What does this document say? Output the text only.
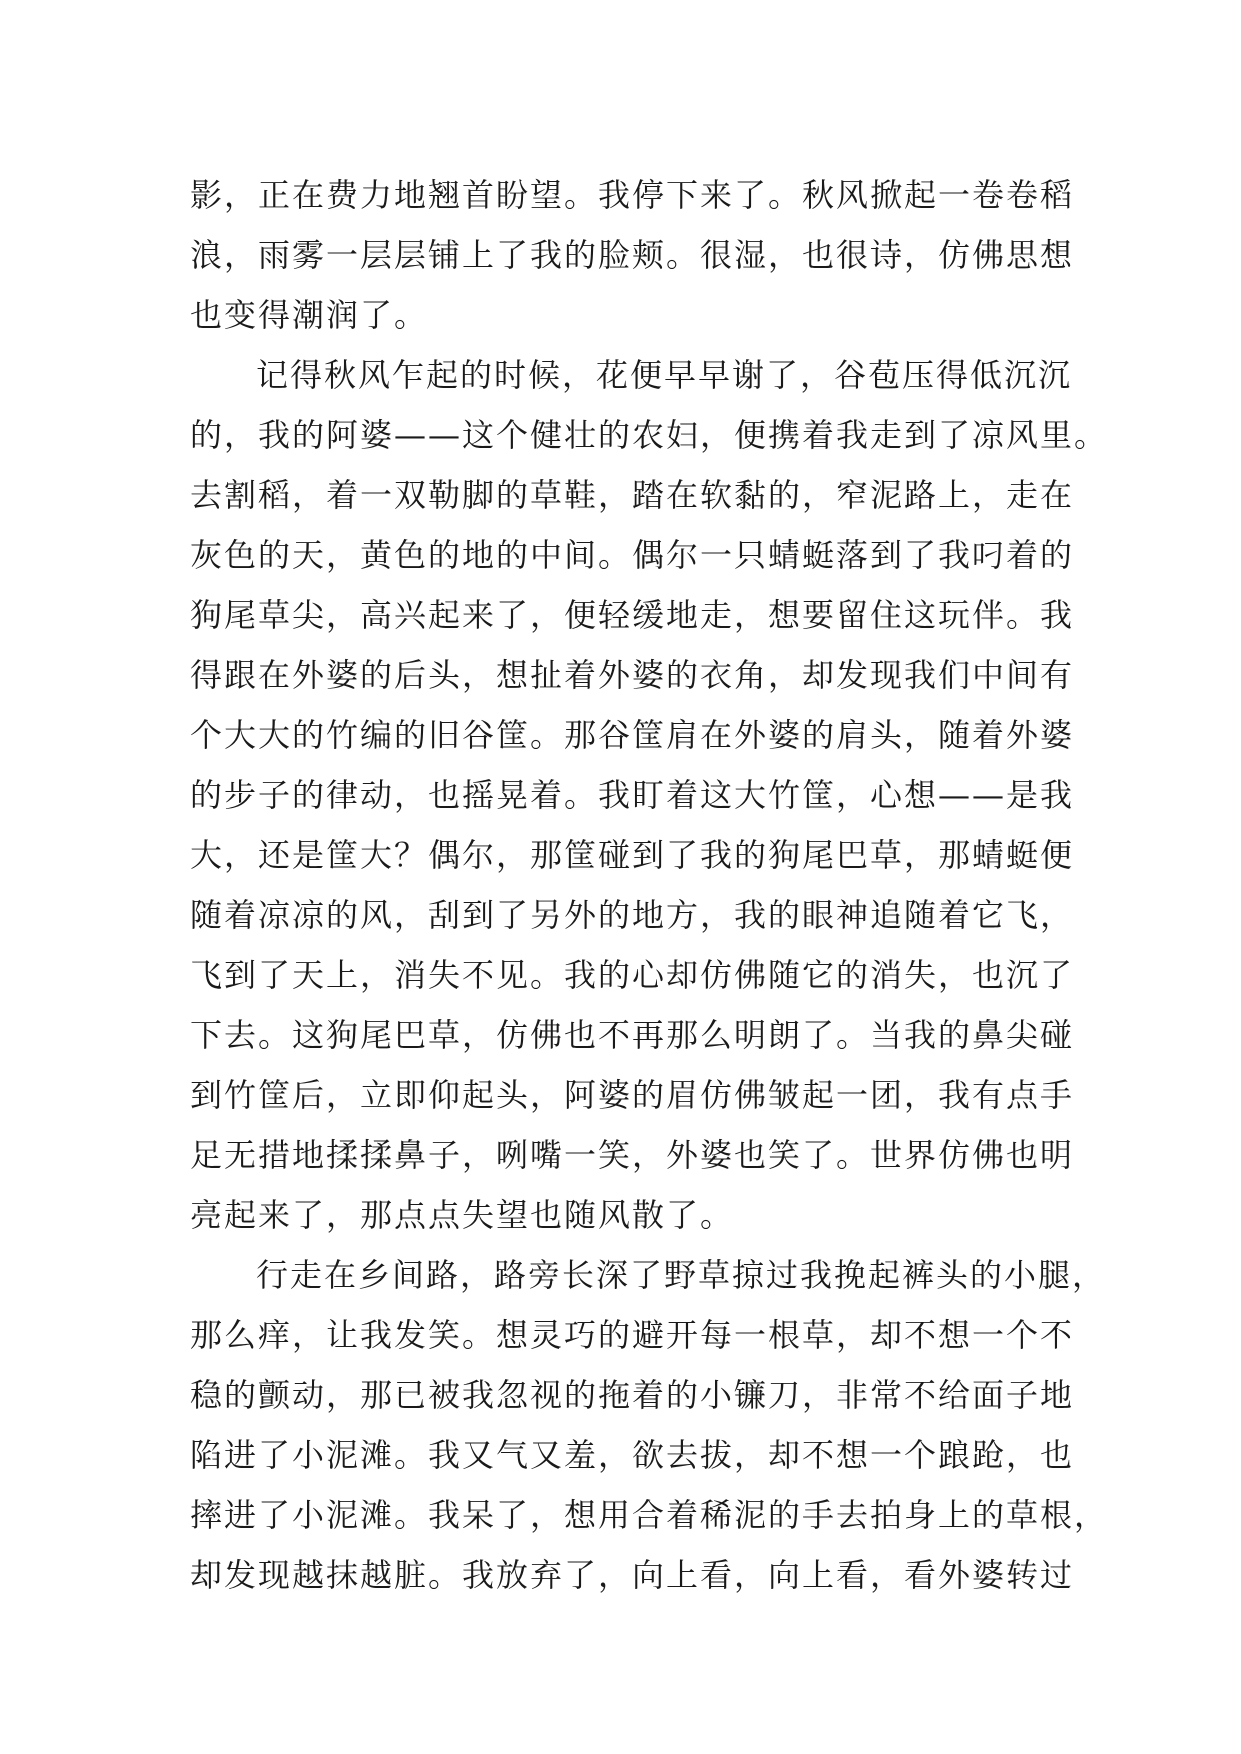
影，正在费力地翘首盼望。我停下来了。秋风掀起一卷卷稻
浪，雨雾一层层铺上了我的脸颊。很湿，也很诗，仿佛思想
也变得潮润了。
记得秋风乍起的时候，花便早早谢了，谷苞压得低沉沉
的，我的阿婆——这个健壮的农妇，便携着我走到了凉风里。
去割稻，着一双勒脚的草鞋，踏在软黏的，窄泥路上，走在
灰色的天，黄色的地的中间。偶尔一只蜻蜓落到了我叼着的
狗尾草尖，高兴起来了，便轻缓地走，想要留住这玩伴。我
得跟在外婆的后头，想扯着外婆的衣角，却发现我们中间有
个大大的竹编的旧谷筐。那谷筐肩在外婆的肩头，随着外婆
的步子的律动，也摇晃着。我盯着这大竹筐，心想——是我
大，还是筐大？偶尔，那筐碰到了我的狗尾巴草，那蜻蜓便
随着凉凉的风，刮到了另外的地方，我的眼神追随着它飞，
飞到了天上，消失不见。我的心却仿佛随它的消失，也沉了
下去。这狗尾巴草，仿佛也不再那么明朗了。当我的鼻尖碰
到竹筐后，立即仰起头，阿婆的眉仿佛皱起一团，我有点手
足无措地揉揉鼻子，咧嘴一笑，外婆也笑了。世界仿佛也明
亮起来了，那点点失望也随风散了。
行走在乡间路，路旁长深了野草掠过我挽起裤头的小腿，
那么痒，让我发笑。想灵巧的避开每一根草，却不想一个不
稳的颤动，那已被我忽视的拖着的小镰刀，非常不给面子地
陷进了小泥滩。我又气又羞，欲去拔，却不想一个踉跄，也
摔进了小泥滩。我呆了，想用合着稀泥的手去拍身上的草根，
却发现越抹越脏。我放弃了，向上看，向上看，看外婆转过
